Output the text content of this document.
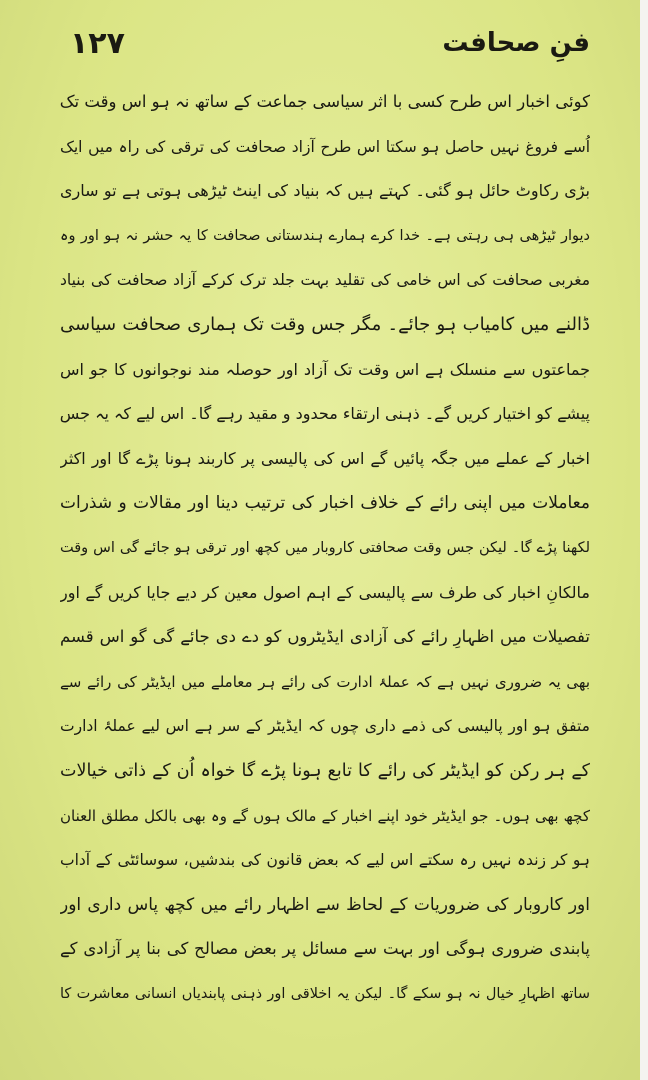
۱۲۷	فنِ صحافت
کوئی اخبار اس طرح کسی با اثر سیاسی جماعت کے ساتھ نہ ہو اس وقت تک
اُسے فروغ نہیں حاصل ہو سکتا اس طرح آزاد صحافت کی ترقی کی راہ میں ایک
بڑی رکاوٹ حائل ہو گئی۔ کہتے ہیں کہ بنیاد کی اینٹ ٹیڑھی ہوتی ہے تو ساری
دیوار ٹیڑھی ہی رہتی ہے۔ خدا کرے ہمارے ہندستانی صحافت کا یہ حشر نہ ہو اور وہ
مغربی صحافت کی اس خامی کی تقلید بہت جلد ترک کرکے آزاد صحافت کی بنیاد
ڈالنے میں کامیاب ہو جائے۔ مگر جس وقت تک ہماری صحافت سیاسی
جماعتوں سے منسلک ہے اس وقت تک آزاد اور حوصلہ مند نوجوانوں کا جو اس
پیشے کو اختیار کریں گے۔ ذہنی ارتقاء محدود و مقید رہے گا۔ اس لیے کہ یہ جس
اخبار کے عملے میں جگہ پائیں گے اس کی پالیسی پر کاربند ہونا پڑے گا اور اکثر
معاملات میں اپنی رائے کے خلاف اخبار کی ترتیب دینا اور مقالات و شذرات
لکھنا پڑے گا۔ لیکن جس وقت صحافتی کاروبار میں کچھ اور ترقی ہو جائے گی اس وقت
مالکانِ اخبار کی طرف سے پالیسی کے اہم اصول معین کر دیے جایا کریں گے اور
تفصیلات میں اظہارِ رائے کی آزادی ایڈیٹروں کو دے دی جائے گی گو اس قسم
بھی یہ ضروری نہیں ہے کہ عملۂ ادارت کی رائے ہر معاملے میں ایڈیٹر کی رائے سے
متفق ہو اور پالیسی کی ذمے داری چوں کہ ایڈیٹر کے سر ہے اس لیے عملۂ ادارت
کے ہر رکن کو ایڈیٹر کی رائے کا تابع ہونا پڑے گا خواہ اُن کے ذاتی خیالات
کچھ بھی ہوں۔ جو ایڈیٹر خود اپنے اخبار کے مالک ہوں گے وہ بھی بالکل مطلق العنان
ہو کر زندہ نہیں رہ سکتے اس لیے کہ بعض قانون کی بندشیں، سوسائٹی کے آداب
اور کاروبار کی ضروریات کے لحاظ سے اظہار رائے میں کچھ پاس داری اور
پابندی ضروری ہوگی اور بہت سے مسائل پر بعض مصالح کی بنا پر آزادی کے
ساتھ اظہارِ خیال نہ ہو سکے گا۔ لیکن یہ اخلاقی اور ذہنی پابندیاں انسانی معاشرت کا
